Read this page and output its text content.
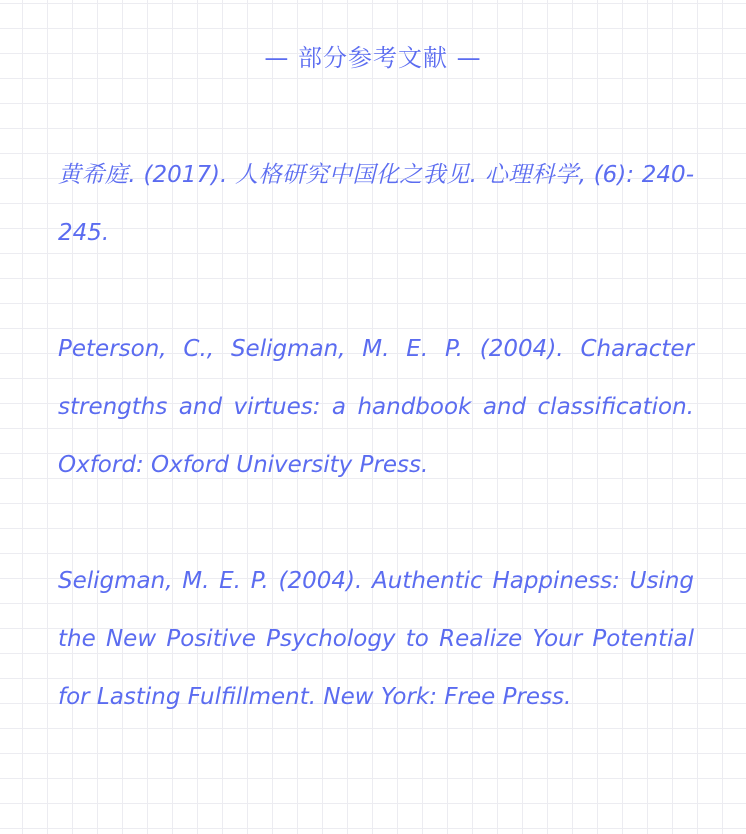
— 部分参考文献 —

黄希庭. (2017). 人格研究中国化之我见. 心理科学, (6): 240-245.

Peterson, C., Seligman, M. E. P. (2004). Character strengths and virtues: a handbook and classification. Oxford: Oxford University Press.

Seligman, M. E. P. (2004). Authentic Happiness: Using the New Positive Psychology to Realize Your Potential for Lasting Fulfillment. New York: Free Press.
